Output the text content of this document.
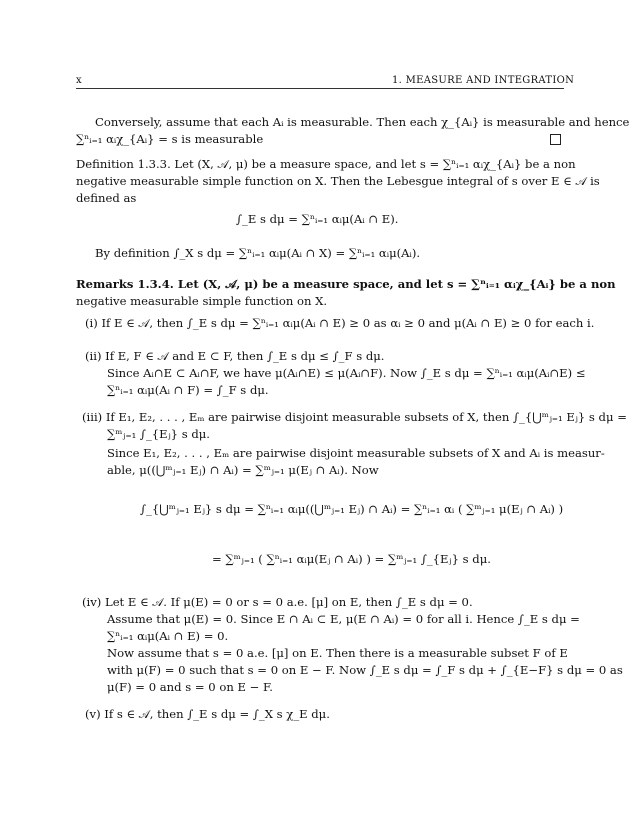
x	1. MEASURE AND INTEGRATION
Conversely, assume that each Aᵢ is measurable. Then each χ_{Aᵢ} is measurable and hence
∑ⁿᵢ₌₁ αᵢχ_{Aᵢ} = s is measurable
Definition 1.3.3. Let (X, 𝒜, μ) be a measure space, and let s = ∑ⁿᵢ₌₁ αᵢχ_{Aᵢ} be a non
negative measurable simple function on X. Then the Lebesgue integral of s over E ∈ 𝒜 is
defined as
∫_E s dμ = ∑ⁿᵢ₌₁ αᵢμ(Aᵢ ∩ E).
By definition ∫_X s dμ = ∑ⁿᵢ₌₁ αᵢμ(Aᵢ ∩ X) = ∑ⁿᵢ₌₁ αᵢμ(Aᵢ).
Remarks 1.3.4. Let (X, 𝒜, μ) be a measure space, and let s = ∑ⁿᵢ₌₁ αᵢχ_{Aᵢ} be a non
negative measurable simple function on X.
(i) If E ∈ 𝒜, then ∫_E s dμ = ∑ⁿᵢ₌₁ αᵢμ(Aᵢ ∩ E) ≥ 0 as αᵢ ≥ 0 and μ(Aᵢ ∩ E) ≥ 0 for each i.
(ii) If E, F ∈ 𝒜 and E ⊂ F, then ∫_E s dμ ≤ ∫_F s dμ.
Since Aᵢ∩E ⊂ Aᵢ∩F, we have μ(Aᵢ∩E) ≤ μ(Aᵢ∩F). Now ∫_E s dμ = ∑ⁿᵢ₌₁ αᵢμ(Aᵢ∩E) ≤
∑ⁿᵢ₌₁ αᵢμ(Aᵢ ∩ F) = ∫_F s dμ.
(iii) If E₁, E₂, . . . , Eₘ are pairwise disjoint measurable subsets of X, then ∫_{⋃ᵐⱼ₌₁ Eⱼ} s dμ =
∑ᵐⱼ₌₁ ∫_{Eⱼ} s dμ.
Since E₁, E₂, . . . , Eₘ are pairwise disjoint measurable subsets of X and Aᵢ is measur-
able, μ((⋃ᵐⱼ₌₁ Eⱼ) ∩ Aᵢ) = ∑ᵐⱼ₌₁ μ(Eⱼ ∩ Aᵢ). Now
∫_{⋃ᵐⱼ₌₁ Eⱼ} s dμ = ∑ⁿᵢ₌₁ αᵢμ((⋃ᵐⱼ₌₁ Eⱼ) ∩ Aᵢ) = ∑ⁿᵢ₌₁ αᵢ ( ∑ᵐⱼ₌₁ μ(Eⱼ ∩ Aᵢ) )
= ∑ᵐⱼ₌₁ ( ∑ⁿᵢ₌₁ αᵢμ(Eⱼ ∩ Aᵢ) ) = ∑ᵐⱼ₌₁ ∫_{Eⱼ} s dμ.
(iv) Let E ∈ 𝒜. If μ(E) = 0 or s = 0 a.e. [μ] on E, then ∫_E s dμ = 0.
Assume that μ(E) = 0. Since E ∩ Aᵢ ⊂ E, μ(E ∩ Aᵢ) = 0 for all i. Hence ∫_E s dμ =
∑ⁿᵢ₌₁ αᵢμ(Aᵢ ∩ E) = 0.
Now assume that s = 0 a.e. [μ] on E. Then there is a measurable subset F of E
with μ(F) = 0 such that s = 0 on E − F. Now ∫_E s dμ = ∫_F s dμ + ∫_{E−F} s dμ = 0 as
μ(F) = 0 and s = 0 on E − F.
(v) If s ∈ 𝒜, then ∫_E s dμ = ∫_X s χ_E dμ.
